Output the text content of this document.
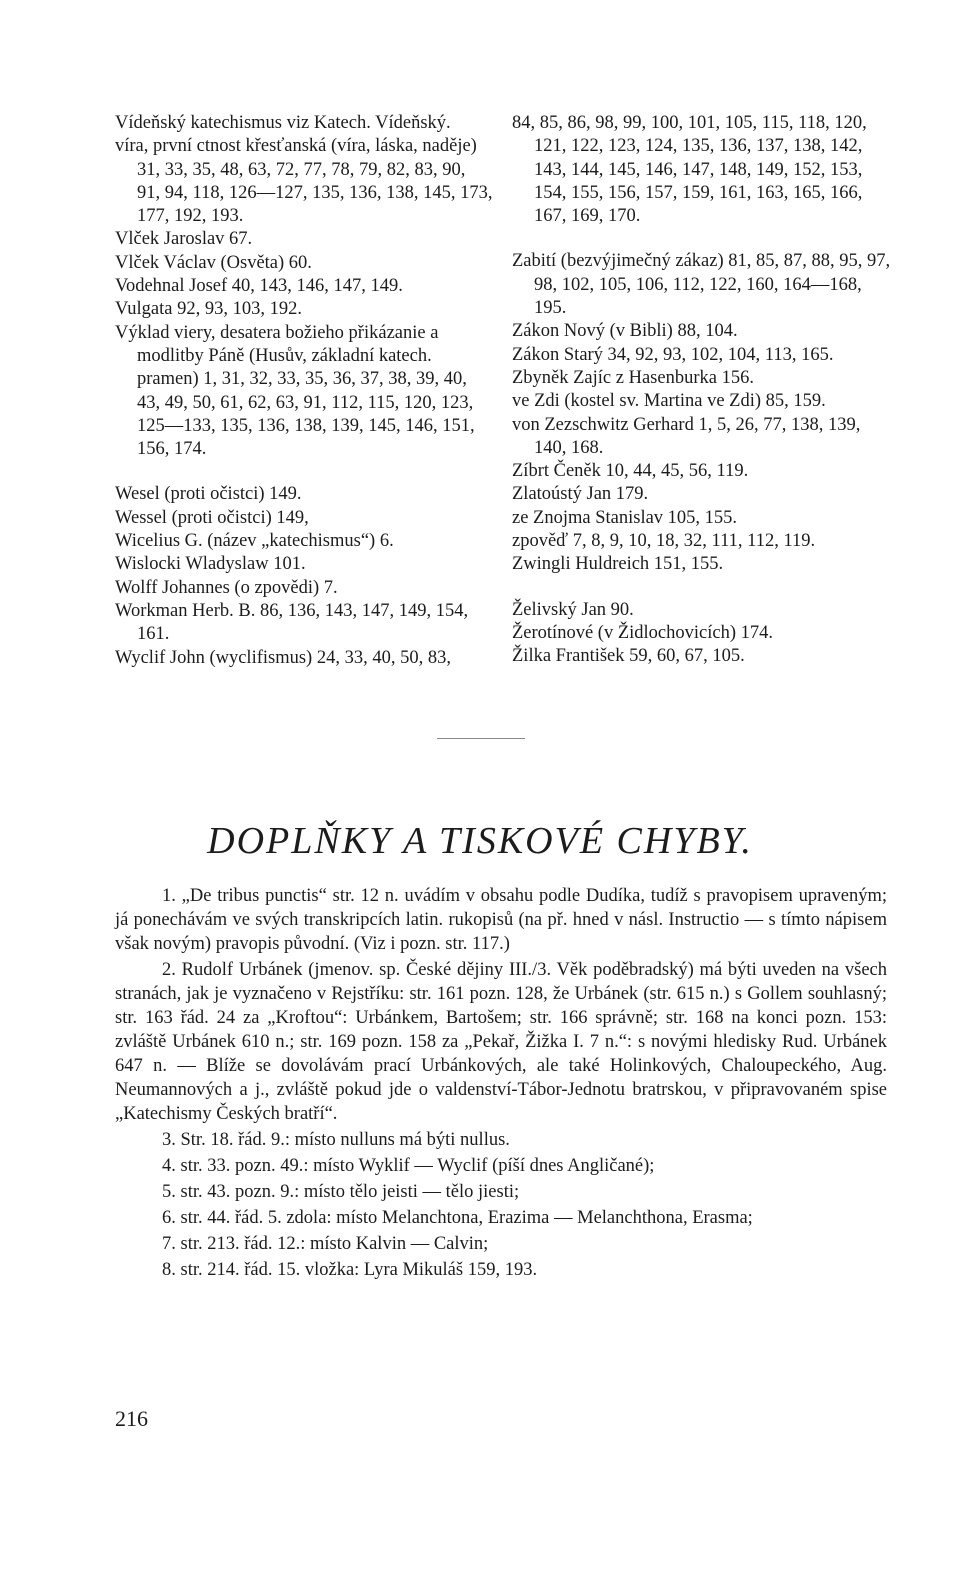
Vídeňský katechismus viz Katech. Vídeňský.

víra, první ctnost křesťanská (víra, láska, naděje) 31, 33, 35, 48, 63, 72, 77, 78, 79, 82, 83, 90, 91, 94, 118, 126—127, 135, 136, 138, 145, 173, 177, 192, 193.

Vlček Jaroslav 67.

Vlček Václav (Osvěta) 60.

Vodehnal Josef 40, 143, 146, 147, 149.

Vulgata 92, 93, 103, 192.

Výklad viery, desatera božieho přikázanie a modlitby Páně (Husův, základní katech. pramen) 1, 31, 32, 33, 35, 36, 37, 38, 39, 40, 43, 49, 50, 61, 62, 63, 91, 112, 115, 120, 123, 125—133, 135, 136, 138, 139, 145, 146, 151, 156, 174.

Wesel (proti očistci) 149.

Wessel (proti očistci) 149,

Wicelius G. (název „katechismus“) 6.

Wislocki Wladyslaw 101.

Wolff Johannes (o zpovědi) 7.

Workman Herb. B. 86, 136, 143, 147, 149, 154, 161.

Wyclif John (wyclifismus) 24, 33, 40, 50, 83,

84, 85, 86, 98, 99, 100, 101, 105, 115, 118, 120, 121, 122, 123, 124, 135, 136, 137, 138, 142, 143, 144, 145, 146, 147, 148, 149, 152, 153, 154, 155, 156, 157, 159, 161, 163, 165, 166, 167, 169, 170.

Zabití (bezvýjimečný zákaz) 81, 85, 87, 88, 95, 97, 98, 102, 105, 106, 112, 122, 160, 164—168, 195.

Zákon Nový (v Bibli) 88, 104.

Zákon Starý 34, 92, 93, 102, 104, 113, 165.

Zbyněk Zajíc z Hasenburka 156.

ve Zdi (kostel sv. Martina ve Zdi) 85, 159.

von Zezschwitz Gerhard 1, 5, 26, 77, 138, 139, 140, 168.

Zíbrt Čeněk 10, 44, 45, 56, 119.

Zlatoústý Jan 179.

ze Znojma Stanislav 105, 155.

zpověď 7, 8, 9, 10, 18, 32, 111, 112, 119.

Zwingli Huldreich 151, 155.

Želivský Jan 90.

Žerotínové (v Židlochovicích) 174.

Žilka František 59, 60, 67, 105.

DOPLŇKY A TISKOVÉ CHYBY.

1. „De tribus punctis“ str. 12 n. uvádím v obsahu podle Dudíka, tudíž s pravopisem upraveným; já ponechávám ve svých transkripcích latin. rukopisů (na př. hned v násl. Instructio — s tímto nápisem však novým) pravopis původní. (Viz i pozn. str. 117.)

2. Rudolf Urbánek (jmenov. sp. České dějiny III./3. Věk poděbradský) má býti uveden na všech stranách, jak je vyznačeno v Rejstříku: str. 161 pozn. 128, že Urbánek (str. 615 n.) s Gollem souhlasný; str. 163 řád. 24 za „Kroftou“: Urbánkem, Bartošem; str. 166 správně; str. 168 na konci pozn. 153: zvláště Urbánek 610 n.; str. 169 pozn. 158 za „Pekař, Žižka I. 7 n.“: s novými hledisky Rud. Urbánek 647 n. — Blíže se dovolávám prací Urbánkových, ale také Holinkových, Chaloupeckého, Aug. Neumannových a j., zvláště pokud jde o valdenství-Tábor-Jednotu bratrskou, v připravovaném spise „Katechismy Českých bratří“.

3. Str. 18. řád. 9.: místo nulluns má býti nullus.

4. str. 33. pozn. 49.: místo Wyklif — Wyclif (píší dnes Angličané);

5. str. 43. pozn. 9.: místo tělo jeisti — tělo jiesti;

6. str. 44. řád. 5. zdola: místo Melanchtona, Erazima — Melanchthona, Erasma;

7. str. 213. řád. 12.: místo Kalvin — Calvin;

8. str. 214. řád. 15. vložka: Lyra Mikuláš 159, 193.

216
